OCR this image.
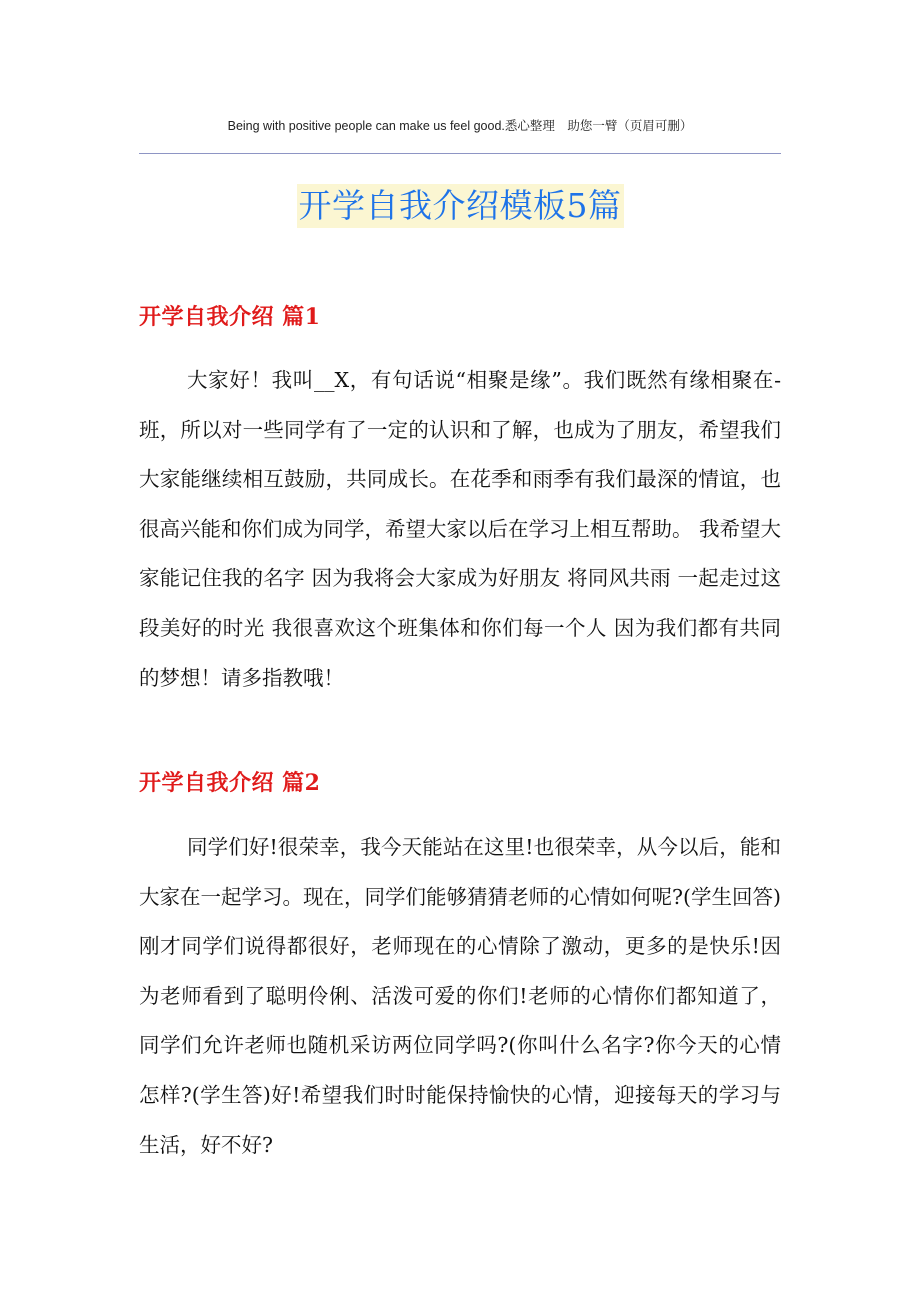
Being with positive people can make us feel good.悉心整理　助您一臂（页眉可删）
开学自我介绍模板5篇
开学自我介绍 篇1

大家好！我叫__X，有句话说“相聚是缘”。我们既然有缘相聚在-班，所以对一些同学有了一定的认识和了解，也成为了朋友，希望我们大家能继续相互鼓励，共同成长。在花季和雨季有我们最深的情谊，也很高兴能和你们成为同学，希望大家以后在学习上相互帮助。 我希望大家能记住我的名字 因为我将会大家成为好朋友 将同风共雨 一起走过这段美好的时光 我很喜欢这个班集体和你们每一个人 因为我们都有共同的梦想！请多指教哦！

开学自我介绍 篇2

同学们好!很荣幸，我今天能站在这里!也很荣幸，从今以后，能和大家在一起学习。现在，同学们能够猜猜老师的心情如何呢?(学生回答)刚才同学们说得都很好，老师现在的心情除了激动，更多的是快乐!因为老师看到了聪明伶俐、活泼可爱的你们!老师的心情你们都知道了，同学们允许老师也随机采访两位同学吗?(你叫什么名字?你今天的心情怎样?(学生答)好!希望我们时时能保持愉快的心情，迎接每天的学习与生活，好不好?
